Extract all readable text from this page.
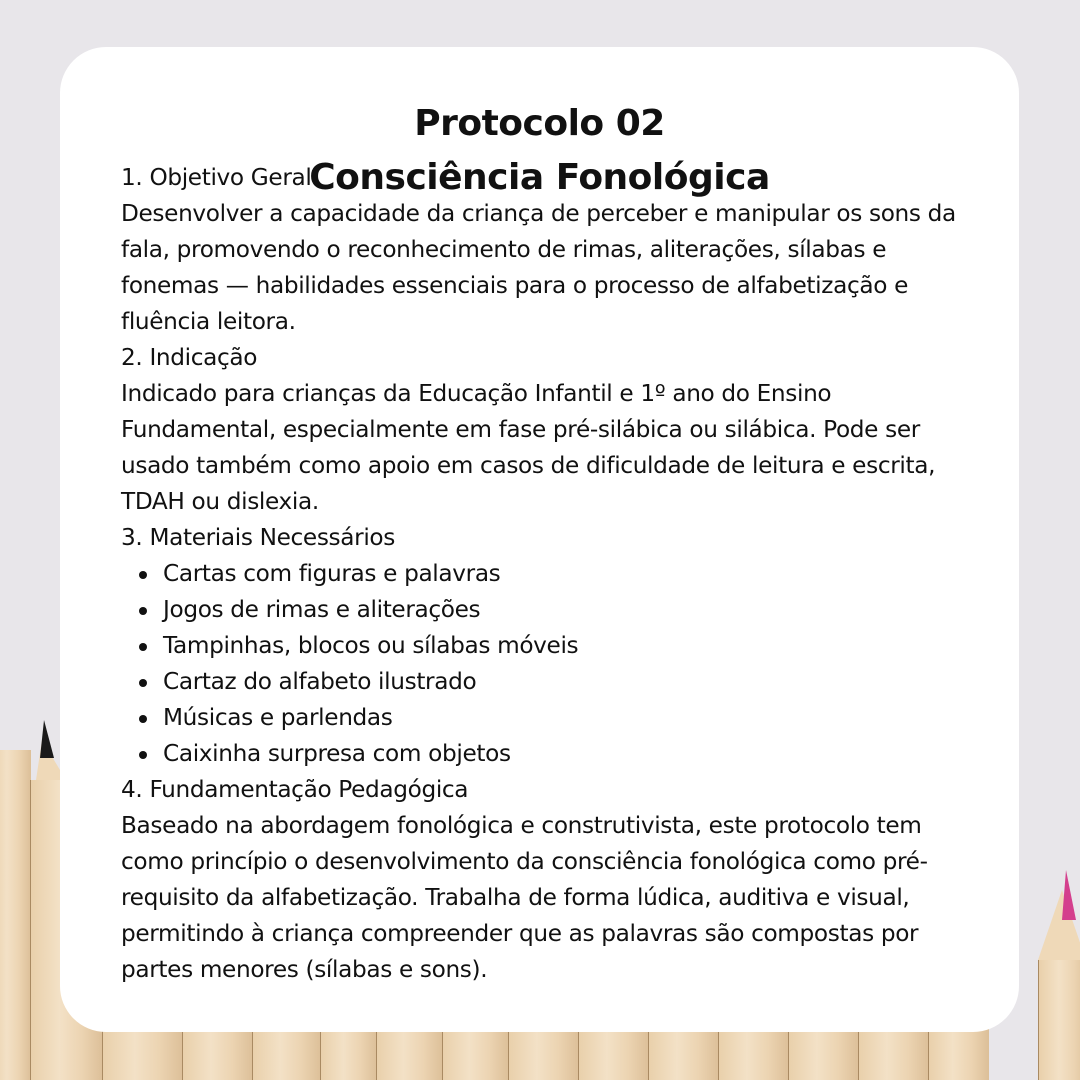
Protocolo 02
Consciência Fonológica

1. Objetivo Geral

Desenvolver a capacidade da criança de perceber e manipular os sons da fala, promovendo o reconhecimento de rimas, aliterações, sílabas e fonemas — habilidades essenciais para o processo de alfabetização e fluência leitora.

2. Indicação

Indicado para crianças da Educação Infantil e 1º ano do Ensino Fundamental, especialmente em fase pré-silábica ou silábica. Pode ser usado também como apoio em casos de dificuldade de leitura e escrita, TDAH ou dislexia.

3. Materiais Necessários

Cartas com figuras e palavras
Jogos de rimas e aliterações
Tampinhas, blocos ou sílabas móveis
Cartaz do alfabeto ilustrado
Músicas e parlendas
Caixinha surpresa com objetos

4. Fundamentação Pedagógica

Baseado na abordagem fonológica e construtivista, este protocolo tem como princípio o desenvolvimento da consciência fonológica como pré-requisito da alfabetização. Trabalha de forma lúdica, auditiva e visual, permitindo à criança compreender que as palavras são compostas por partes menores (sílabas e sons).
